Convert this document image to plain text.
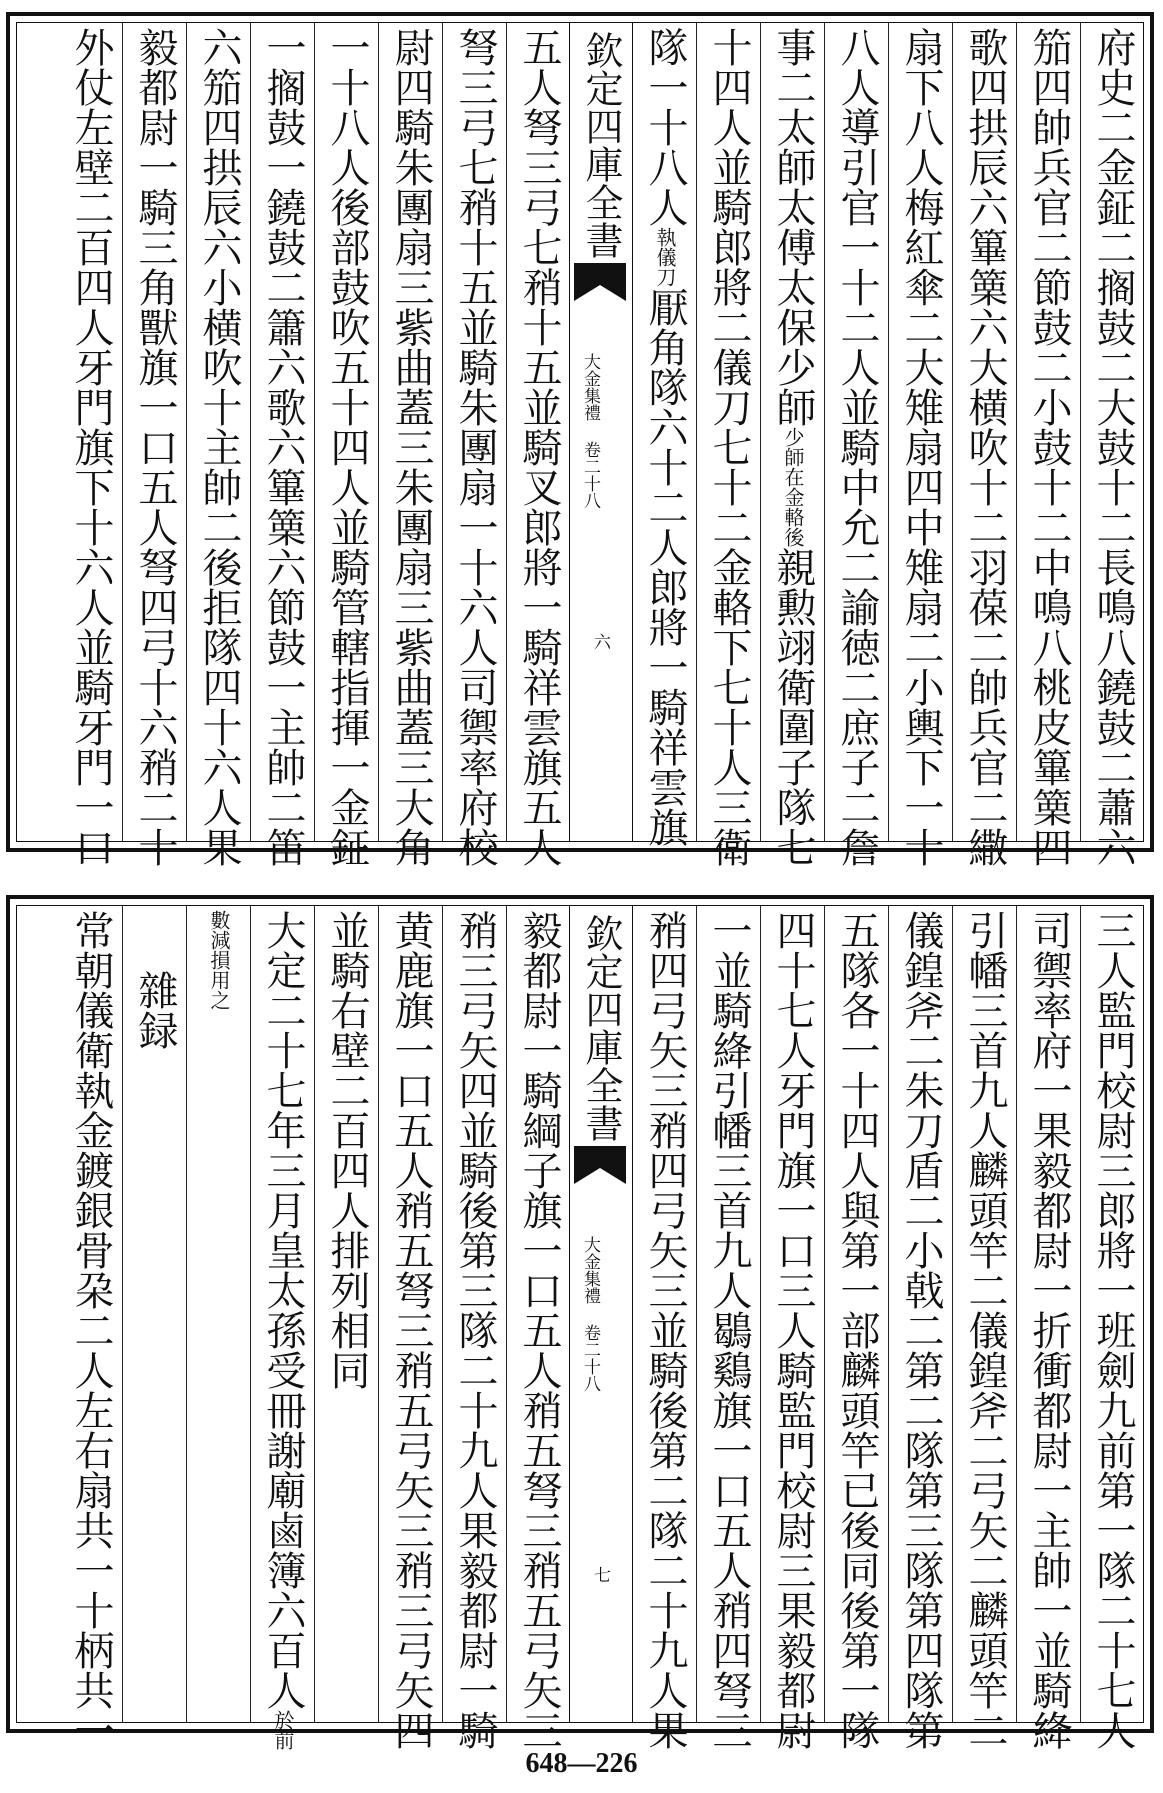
府史二金鉦二搁鼓二大鼓十二長鳴八鐃鼓二蕭六
笳四帥兵官二節鼓二小鼓十二中鳴八桃皮篳篥四
歌四拱辰六篳篥六大横吹十二羽葆二帥兵官二繖
扇下八人梅紅傘二大雉扇四中雉扇二小輿下一十
八人導引官一十二人並騎中允二諭徳二庶子二詹
事二太師太傅太保少師少師在金輅後親勲翊衛圍子隊七
十四人並騎郎將二儀刀七十二金輅下七十人三衛
隊一十八人執儀刀厭角隊六十二人郎將一騎祥雲旗
欽定四庫全書
大金集禮 卷二十八
六
五人弩三弓七矟十五並騎叉郎將一騎祥雲旗五人
弩三弓七矟十五並騎朱團扇一十六人司禦率府校
尉四騎朱團扇三紫曲蓋三朱團扇三紫曲蓋三大角
一十八人後部鼓吹五十四人並騎管轄指揮一金鉦
一搁鼓一鐃鼓二簫六歌六篳篥六節鼓一主帥二笛
六笳四拱辰六小横吹十主帥二後拒隊四十六人果
毅都尉一騎三角獸旗一口五人弩四弓十六矟二十
外仗左壁二百四人牙門旗下十六人並騎牙門一口
三人監門校尉三郎將一班劍九前第一隊二十七人
司禦率府一果毅都尉一折衝都尉一主帥一並騎絳
引幡三首九人麟頭竿二儀鍠斧二弓矢二麟頭竿二
儀鍠斧二朱刀盾二小戟二第二隊第三隊第四隊第
五隊各一十四人與第一部麟頭竿已後同後第一隊
四十七人牙門旗一口三人騎監門校尉三果毅都尉
一並騎絳引幡三首九人鶡鷄旗一口五人矟四弩三
矟四弓矢三矟四弓矢三並騎後第二隊二十九人果
欽定四庫全書
大金集禮 卷二十八
七
毅都尉一騎綱子旗一口五人矟五弩三矟五弓矢三
矟三弓矢四並騎後第三隊二十九人果毅都尉一騎
黄鹿旗一口五人矟五弩三矟五弓矢三矟三弓矢四
並騎右壁二百四人排列相同
大定二十七年三月皇太孫受冊謝廟鹵簿六百人於前
數減損用之
雜録
常朝儀衛執金鍍銀骨朶二人左右扇共一十柄共一
648—226
